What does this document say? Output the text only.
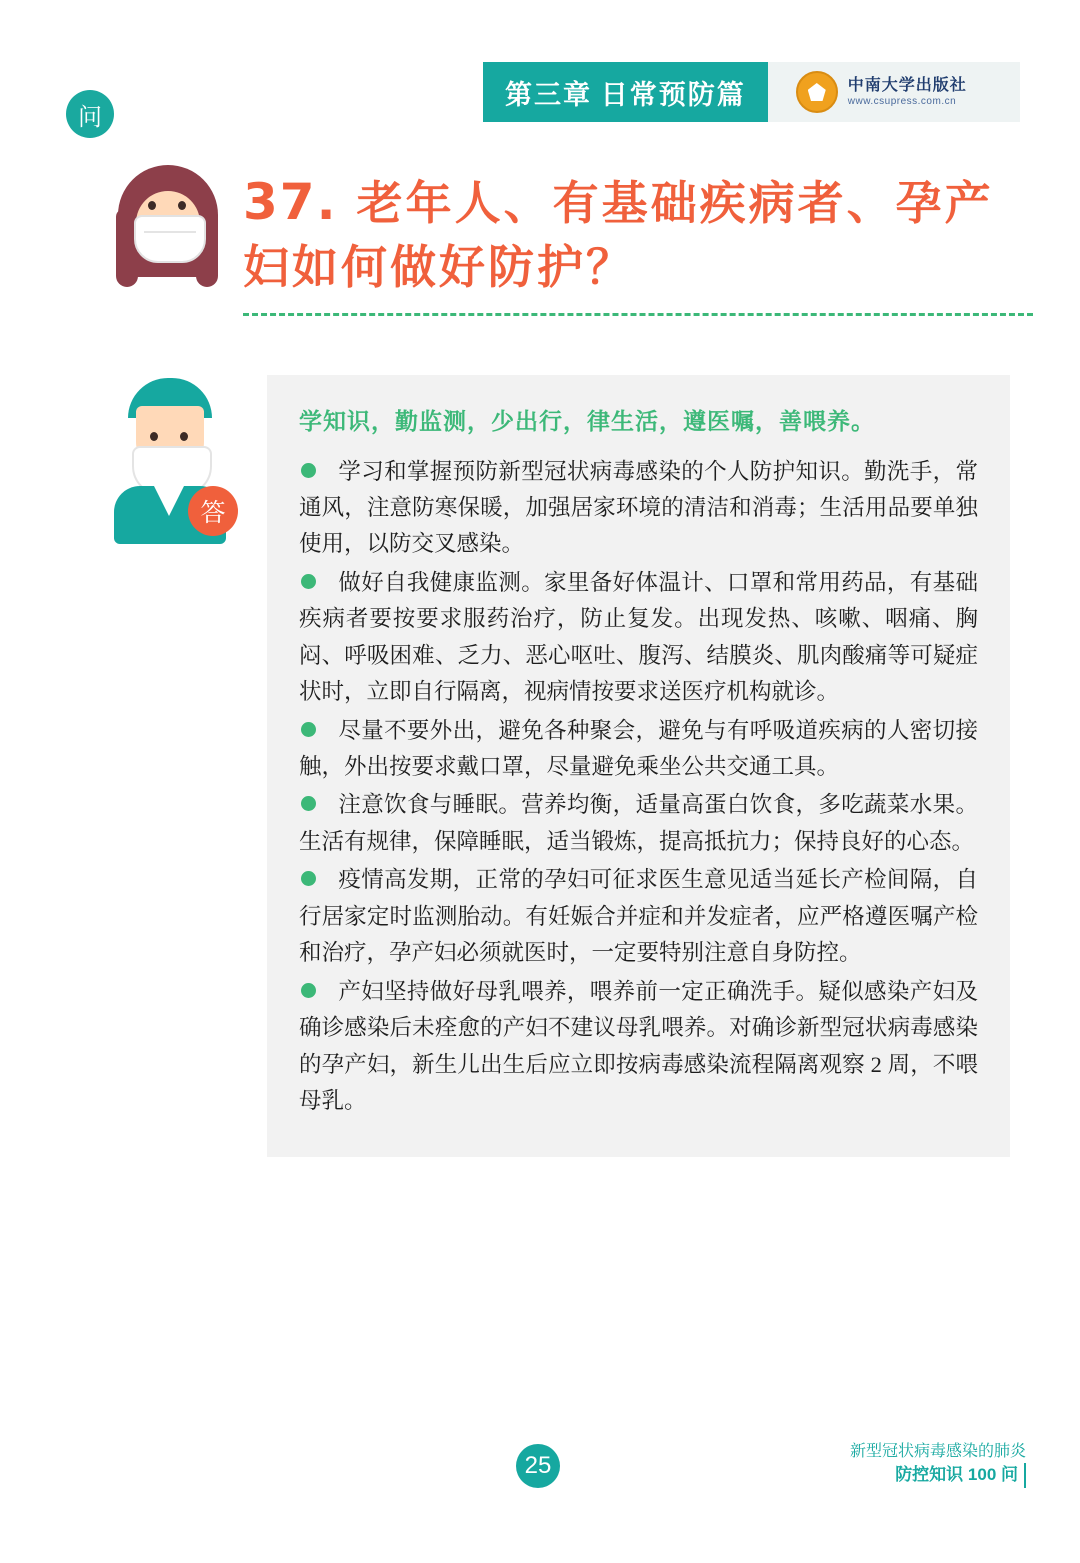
第三章 日常预防篇	中南大学出版社
www.csupress.com.cn
问
37. 老年人、有基础疾病者、孕产
妇如何做好防护？
答
学知识，勤监测，少出行，律生活，遵医嘱，善喂养。
学习和掌握预防新型冠状病毒感染的个人防护知识。勤洗手，常通风，注意防寒保暖，加强居家环境的清洁和消毒；生活用品要单独使用，以防交叉感染。
做好自我健康监测。家里备好体温计、口罩和常用药品，有基础疾病者要按要求服药治疗，防止复发。出现发热、咳嗽、咽痛、胸闷、呼吸困难、乏力、恶心呕吐、腹泻、结膜炎、肌肉酸痛等可疑症状时，立即自行隔离，视病情按要求送医疗机构就诊。
尽量不要外出，避免各种聚会，避免与有呼吸道疾病的人密切接触，外出按要求戴口罩，尽量避免乘坐公共交通工具。
注意饮食与睡眠。营养均衡，适量高蛋白饮食，多吃蔬菜水果。生活有规律，保障睡眠，适当锻炼，提高抵抗力；保持良好的心态。
疫情高发期，正常的孕妇可征求医生意见适当延长产检间隔，自行居家定时监测胎动。有妊娠合并症和并发症者，应严格遵医嘱产检和治疗，孕产妇必须就医时，一定要特别注意自身防控。
产妇坚持做好母乳喂养，喂养前一定正确洗手。疑似感染产妇及确诊感染后未痊愈的产妇不建议母乳喂养。对确诊新型冠状病毒感染的孕产妇，新生儿出生后应立即按病毒感染流程隔离观察 2 周，不喂母乳。
25
新型冠状病毒感染的肺炎
防控知识 100 问
